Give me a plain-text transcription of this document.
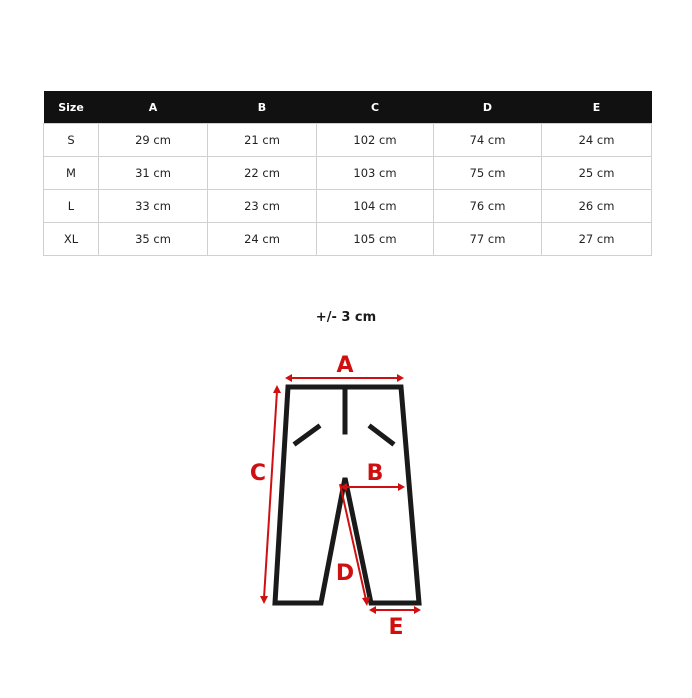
Size	A	B	C	D	E
S	29 cm	21 cm	102 cm	74 cm	24 cm
M	31 cm	22 cm	103 cm	75 cm	25 cm
L	33 cm	23 cm	104 cm	76 cm	26 cm
XL	35 cm	24 cm	105 cm	77 cm	27 cm

+/- 3 cm

A
B
C
D
E
